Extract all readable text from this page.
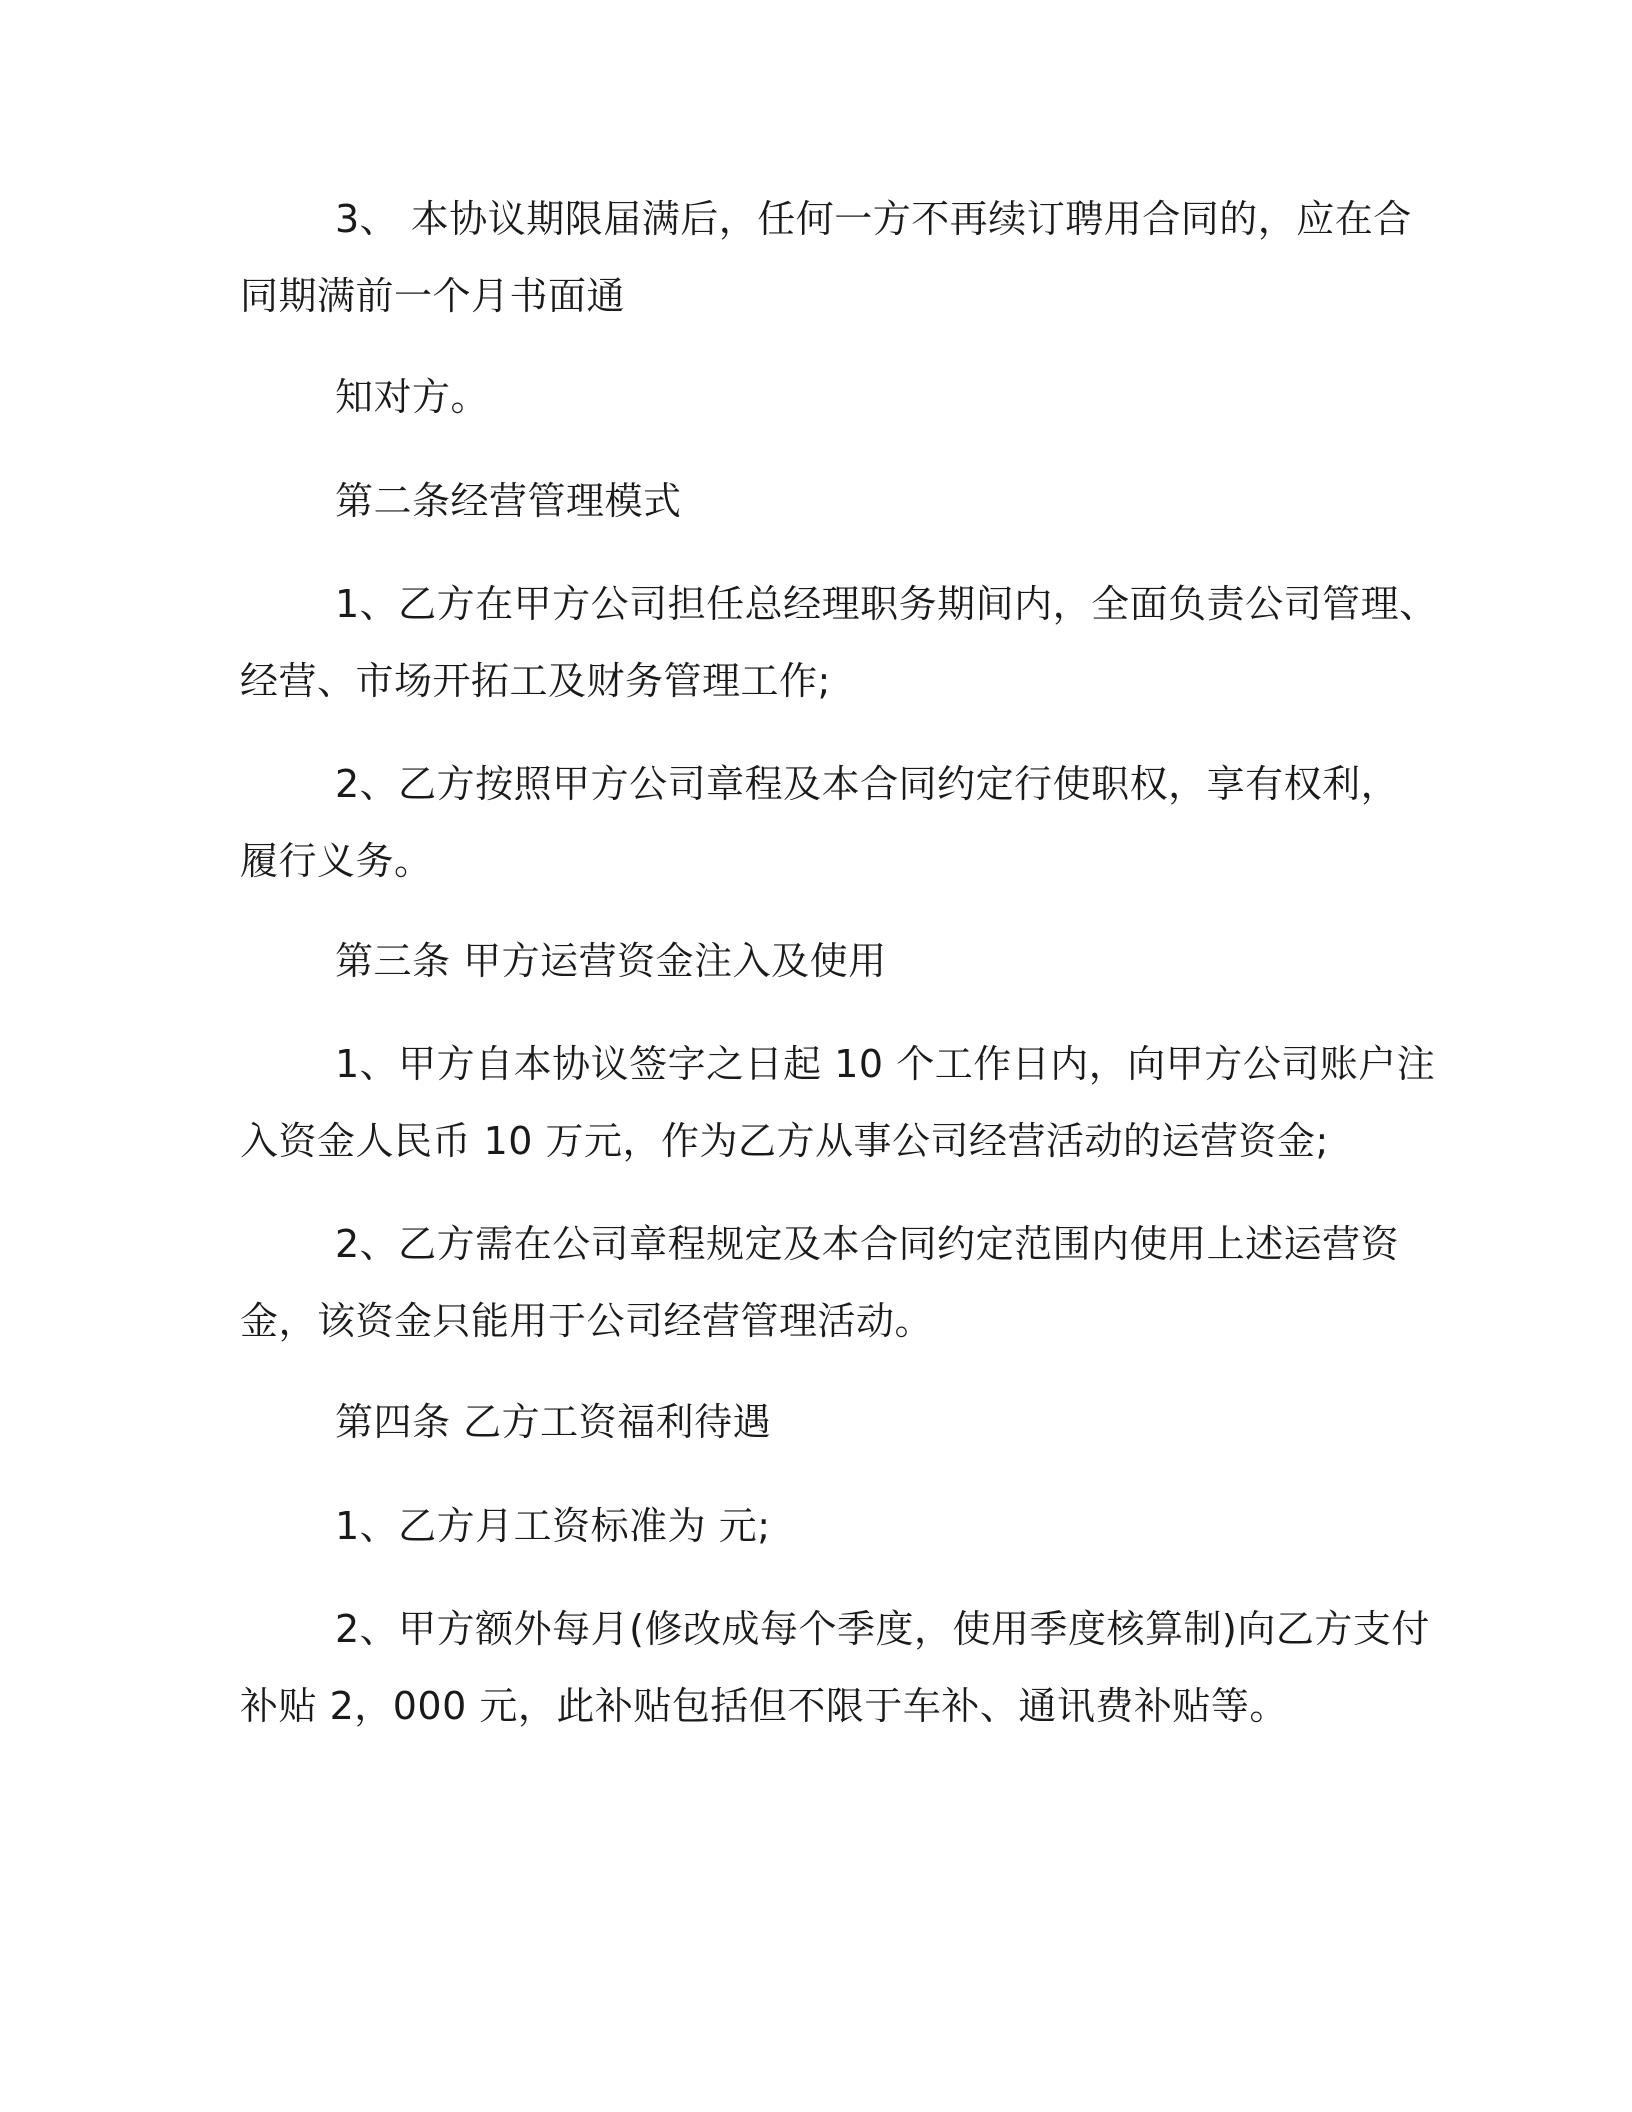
3、 本协议期限届满后，任何一方不再续订聘用合同的，应在合
同期满前一个月书面通
知对方。
第二条经营管理模式
1、乙方在甲方公司担任总经理职务期间内，全面负责公司管理、
经营、市场开拓工及财务管理工作;
2、乙方按照甲方公司章程及本合同约定行使职权，享有权利，
履行义务。
第三条 甲方运营资金注入及使用
1、甲方自本协议签字之日起 10 个工作日内，向甲方公司账户注
入资金人民币 10 万元，作为乙方从事公司经营活动的运营资金;
2、乙方需在公司章程规定及本合同约定范围内使用上述运营资
金，该资金只能用于公司经营管理活动。
第四条 乙方工资福利待遇
1、乙方月工资标准为 元;
2、甲方额外每月(修改成每个季度，使用季度核算制)向乙方支付
补贴 2，000 元，此补贴包括但不限于车补、通讯费补贴等。
